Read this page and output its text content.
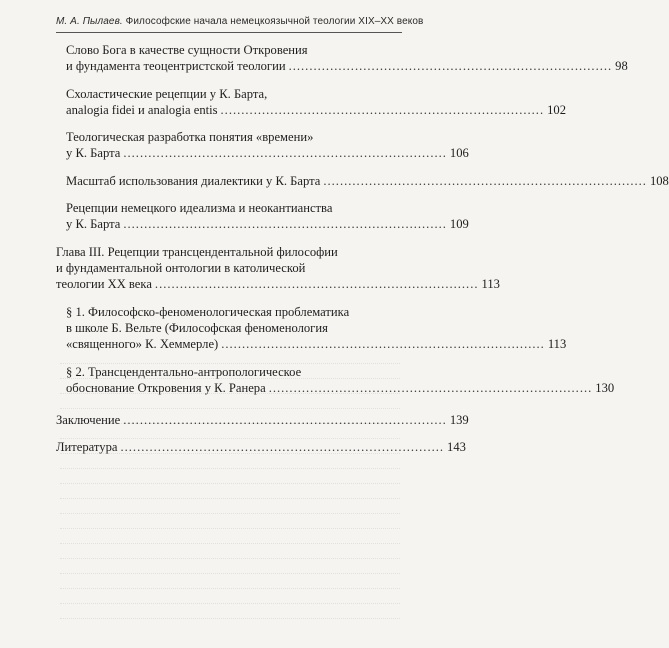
М. А. Пылаев. Философские начала немецкоязычной теологии XIX–XX веков
Слово Бога в качестве сущности Откровения
и фундамента теоцентристской теологии .............................................................................. 98
Схоластические рецепции у К. Барта,
analogia fidei и analogia entis .............................................................................. 102
Теологическая разработка понятия «времени»
у К. Барта .............................................................................. 106
Масштаб использования диалектики у К. Барта .............................................................................. 108
Рецепции немецкого идеализма и неокантианства
у К. Барта .............................................................................. 109
Глава III. Рецепции трансцендентальной философии
и фундаментальной онтологии в католической
теологии XX века .............................................................................. 113
§ 1. Философско-феноменологическая проблематика
в школе Б. Вельте (Философская феноменология
«священного» К. Хеммерле) .............................................................................. 113
§ 2. Трансцендентально-антропологическое
обоснование Откровения у К. Ранера .............................................................................. 130
Заключение .............................................................................. 139
Литература .............................................................................. 143
